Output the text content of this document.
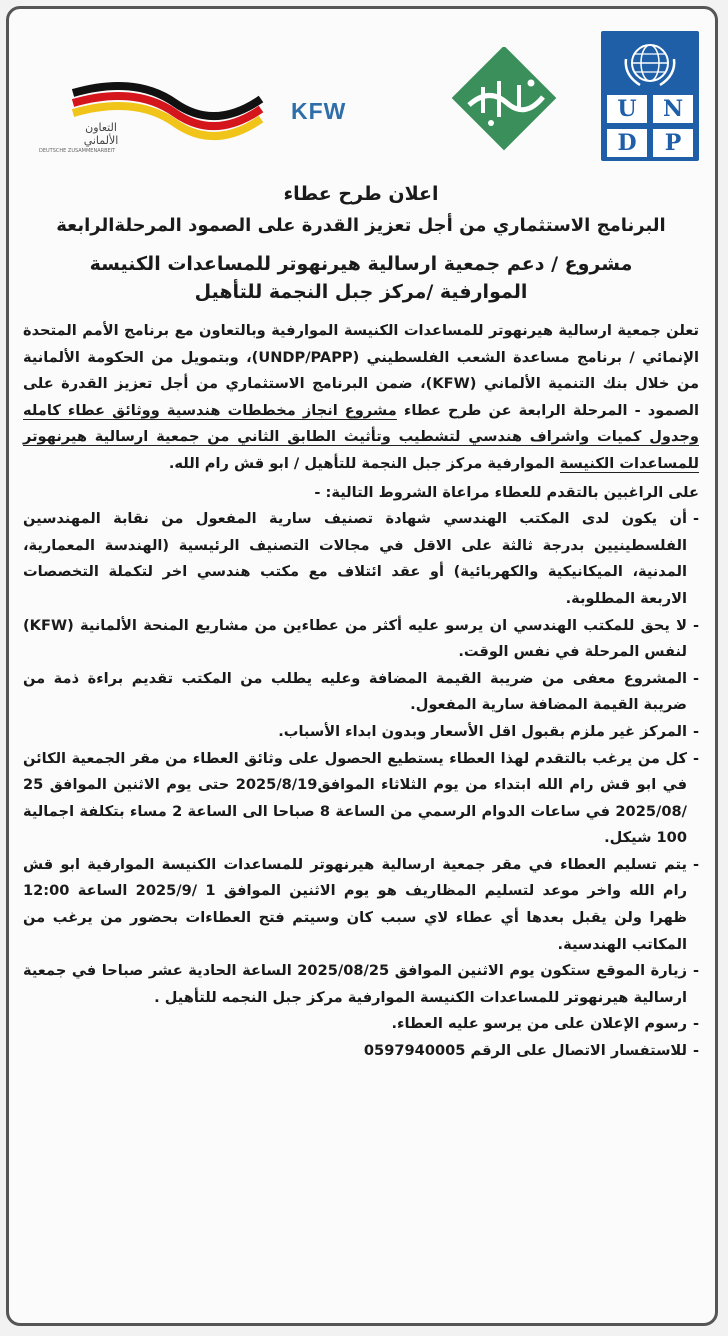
U	N
D	P
KFW
التعاون الألماني
DEUTSCHE ZUSAMMENARBEIT
اعلان طرح عطاء
البرنامج الاستثماري من أجل تعزيز القدرة على الصمود المرحلةالرابعة
مشروع / دعم جمعية ارسالية هيرنهوتر للمساعدات الكنيسة
الموارفية /مركز جبل النجمة للتأهيل

تعلن جمعية ارسالية هيرنهوتر للمساعدات الكنيسة الموارفية وبالتعاون مع برنامج الأمم المتحدة الإنمائي / برنامج مساعدة الشعب الفلسطيني (UNDP/PAPP)، وبتمويل من الحكومة الألمانية من خلال بنك التنمية الألماني (KFW)، ضمن البرنامج الاستثماري من أجل تعزيز القدرة على الصمود - المرحلة الرابعة عن طرح عطاء مشروع انجاز مخططات هندسية ووثائق عطاء كامله وجدول كميات واشراف هندسي لتشطيب وتأثيث الطابق الثاني من جمعية ارسالية هيرنهوتر للمساعدات الكنيسة الموارفية مركز جبل النجمة للتأهيل / ابو قش رام الله.

على الراغبين بالتقدم للعطاء مراعاة الشروط التالية: -

- أن يكون لدى المكتب الهندسي شهادة تصنيف سارية المفعول من نقابة المهندسين الفلسطينيين بدرجة ثالثة على الاقل في مجالات التصنيف الرئيسية (الهندسة المعمارية، المدنية، الميكانيكية والكهربائية) أو عقد ائتلاف مع مكتب هندسي اخر لتكملة التخصصات الاربعة المطلوبة.

- لا يحق للمكتب الهندسي ان يرسو عليه أكثر من عطاءين من مشاريع المنحة الألمانية (KFW) لنفس المرحلة في نفس الوقت.

- المشروع معفى من ضريبة القيمة المضافة وعليه يطلب من المكتب تقديم براءة ذمة من ضريبة القيمة المضافة سارية المفعول.

- المركز غير ملزم بقبول اقل الأسعار وبدون ابداء الأسباب.

- كل من يرغب بالتقدم لهذا العطاء يستطيع الحصول على وثائق العطاء من مقر الجمعية الكائن في ابو قش رام الله ابتداء من يوم الثلاثاء الموافق2025/8/19 حتى يوم الاثنين الموافق 25 /2025/08 في ساعات الدوام الرسمي من الساعة 8 صباحا الى الساعة 2 مساء بتكلفة اجمالية 100 شيكل.

- يتم تسليم العطاء في مقر جمعية ارسالية هيرنهوتر للمساعدات الكنيسة الموارفية ابو قش رام الله واخر موعد لتسليم المظاريف هو يوم الاثنين الموافق 1 /2025/9 الساعة 12:00 ظهرا ولن يقبل بعدها أي عطاء لاي سبب كان وسيتم فتح العطاءات بحضور من يرغب من المكاتب الهندسية.

- زيارة الموقع ستكون يوم الاثنين الموافق 2025/08/25 الساعة الحادية عشر صباحا في جمعية ارسالية هيرنهوتر للمساعدات الكنيسة الموارفية مركز جبل النجمه للتأهيل .

- رسوم الإعلان على من يرسو عليه العطاء.

- للاستفسار الاتصال على الرقم 0597940005
